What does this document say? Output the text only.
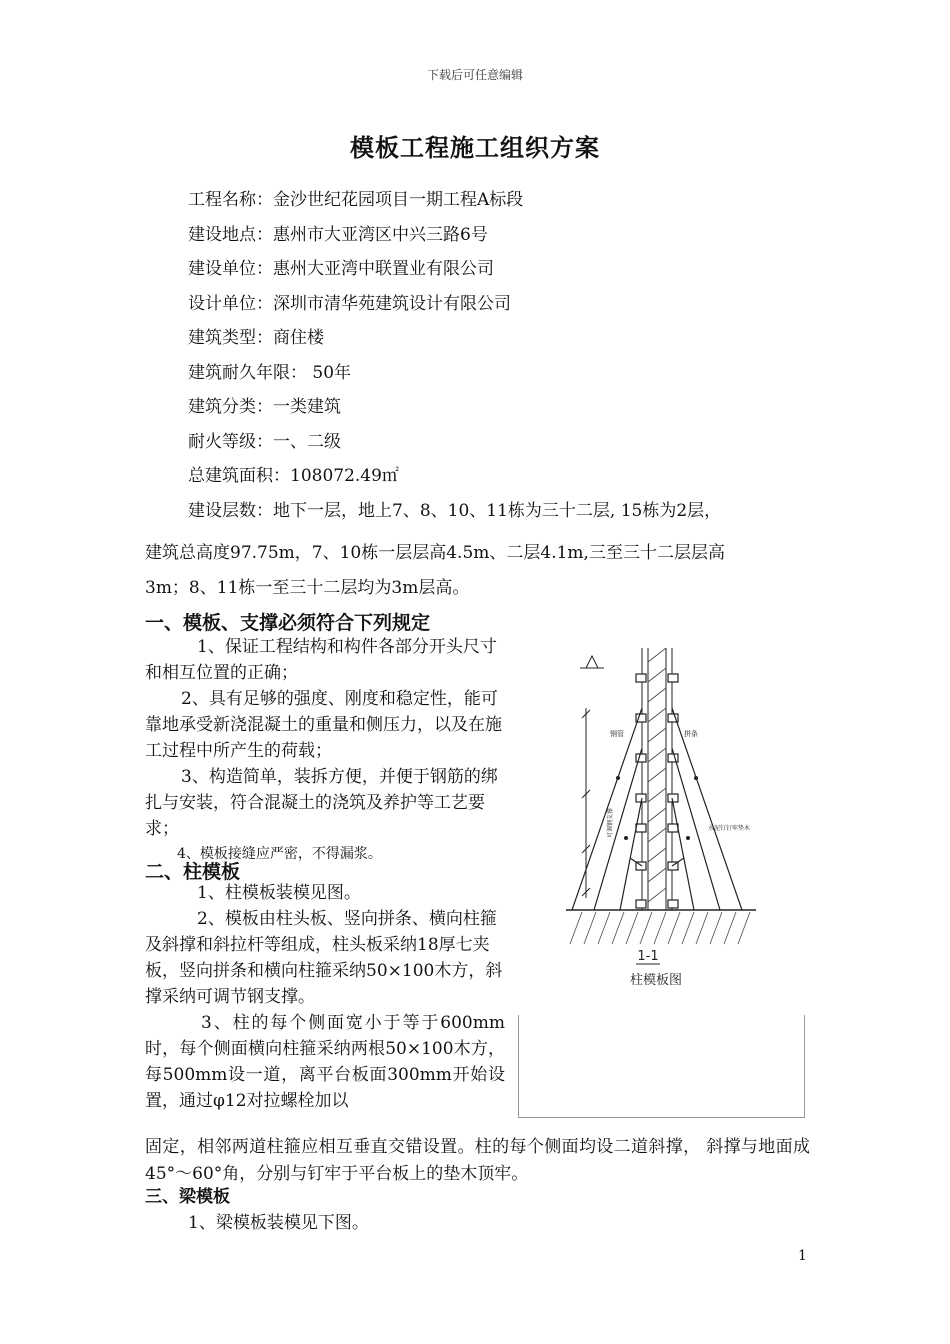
下载后可任意编辑
模板工程施工组织方案
工程名称：金沙世纪花园项目一期工程A标段
建设地点：惠州市大亚湾区中兴三路6号
建设单位：惠州大亚湾中联置业有限公司
设计单位：深圳市清华苑建筑设计有限公司
建筑类型：商住楼
建筑耐久年限： 50年
建筑分类：一类建筑
耐火等级：一、二级
总建筑面积：108072.49㎡
建设层数：地下一层，地上7、8、10、11栋为三十二层, 15栋为2层，
建筑总高度97.75m，7、10栋一层层高4.5m、二层4.1m,三至三十二层层高
3m；8、11栋一至三十二层均为3m层高。
一、模板、支撑必须符合下列规定

1、保证工程结构和构件各部分开头尺寸和相互位置的正确；

2、具有足够的强度、刚度和稳定性，能可靠地承受新浇混凝土的重量和侧压力，以及在施工过程中所产生的荷载；

3、构造简单，装拆方便，并便于钢筋的绑扎与安装，符合混凝土的浇筑及养护等工艺要求；

4、模板接缝应严密，不得漏浆。

二、柱模板

1、柱模板装模见图。

2、模板由柱头板、竖向拼条、横向柱箍及斜撑和斜拉杆等组成，柱头板采纳18厚七夹板，竖向拼条和横向柱箍采纳50×100木方，斜撑采纳可调节钢支撑。

3、柱的每个侧面宽小于等于600mm时，每个侧面横向柱箍采纳两根50×100木方，每500mm设一道，离平台板面300mm开始设置，通过φ12对拉螺栓加以

固定，相邻两道柱箍应相互垂直交错设置。柱的每个侧面均设二道斜撑， 斜撑与地面成45°～60°角，分别与钉牢于平台板上的垫木顶牢。
三、梁模板
1、梁模板装模见下图。
钢管	拼条
水泥钉钉牢垫木
可调钢支撑
1-1
柱模板图
1
